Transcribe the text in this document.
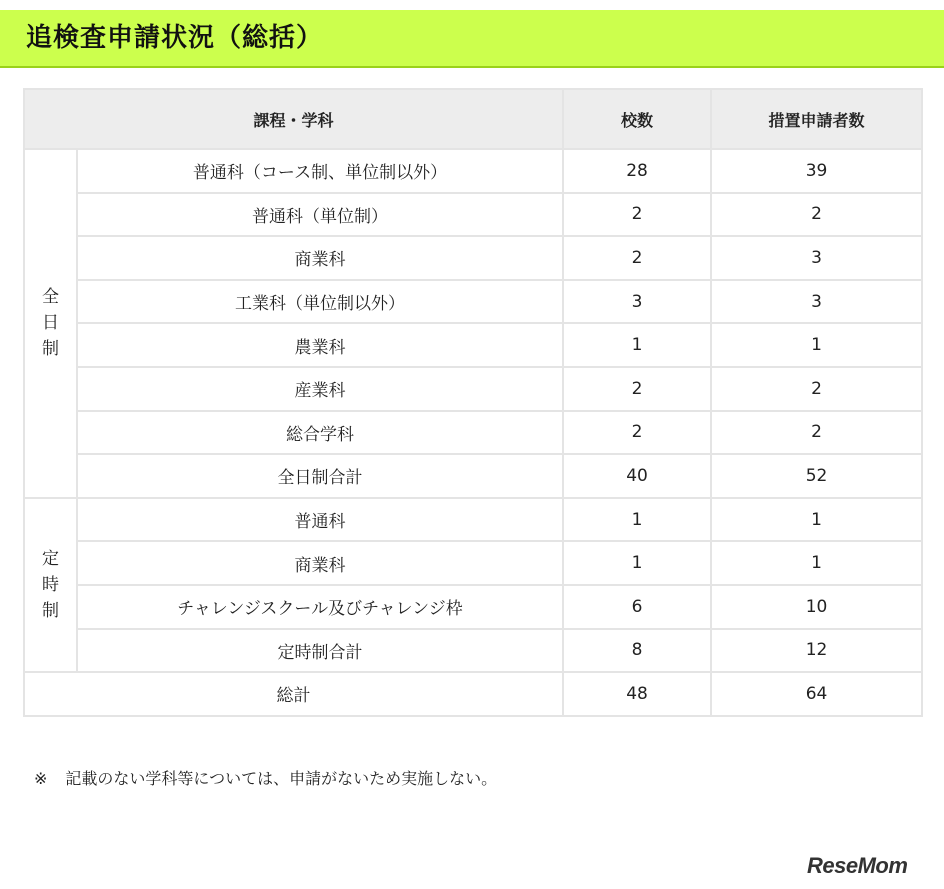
追検査申請状況（総括）
課程・学科		校数	措置申請者数

全
日
制	普通科（コース制、単位制以外）	28	39
	普通科（単位制）	2	2
	商業科	2	3
	工業科（単位制以外）	3	3
	農業科	1	1
	産業科	2	2
	総合学科	2	2
	全日制合計	40	52

定
時
制	普通科	1	1
	商業科	1	1
	チャレンジスクール及びチャレンジ枠	6	10
	定時制合計	8	12
総計		48	64
※ 記載のない学科等については、申請がないため実施しない。
ReseMom
